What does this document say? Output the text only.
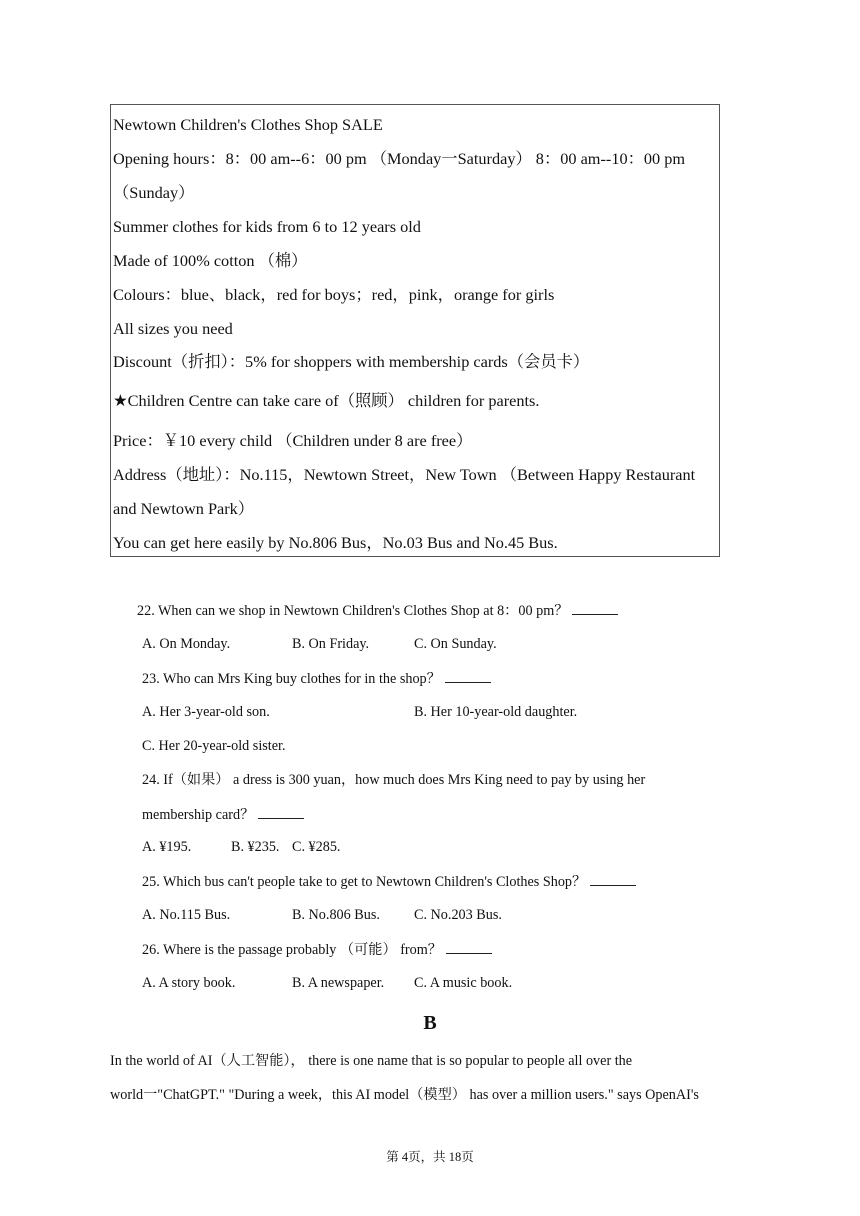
Newtown Children's Clothes Shop SALE
Opening hours：8：00 am--6：00 pm （Monday一Saturday） 8：00 am--10：00 pm
（Sunday）
Summer clothes for kids from 6 to 12 years old
Made of 100% cotton （棉）
Colours：blue、black，red for boys；red，pink，orange for girls
All sizes you need
Discount（折扣）：5% for shoppers with membership cards（会员卡）
★Children Centre can take care of（照顾） children for parents.
Price：￥10 every child （Children under 8 are free）
Address（地址）：No.115，Newtown Street，New Town （Between Happy Restaurant
and Newtown Park）
You can get here easily by No.806 Bus，No.03 Bus and No.45 Bus.
22. When can we shop in Newtown Children's Clothes Shop at 8：00 pm？
A. On Monday.	B. On Friday.	C. On Sunday.
23. Who can Mrs King buy clothes for in the shop？
A. Her 3-year-old son.	B. Her 10-year-old daughter.
C. Her 20-year-old sister.
24. If（如果） a dress is 300 yuan，how much does Mrs King need to pay by using her
membership card？
A. ¥195.	B. ¥235. C. ¥285.
25. Which bus can't people take to get to Newtown Children's Clothes Shop？
A. No.115 Bus.	B. No.806 Bus. C. No.203 Bus.
26. Where is the passage probably （可能） from？
A. A story book.	B. A newspaper. C. A music book.
B
In the world of AI（人工智能）， there is one name that is so popular to people all over the
world一"ChatGPT." "During a week，this AI model（模型） has over a million users." says OpenAI's
第 4页，共 18页
